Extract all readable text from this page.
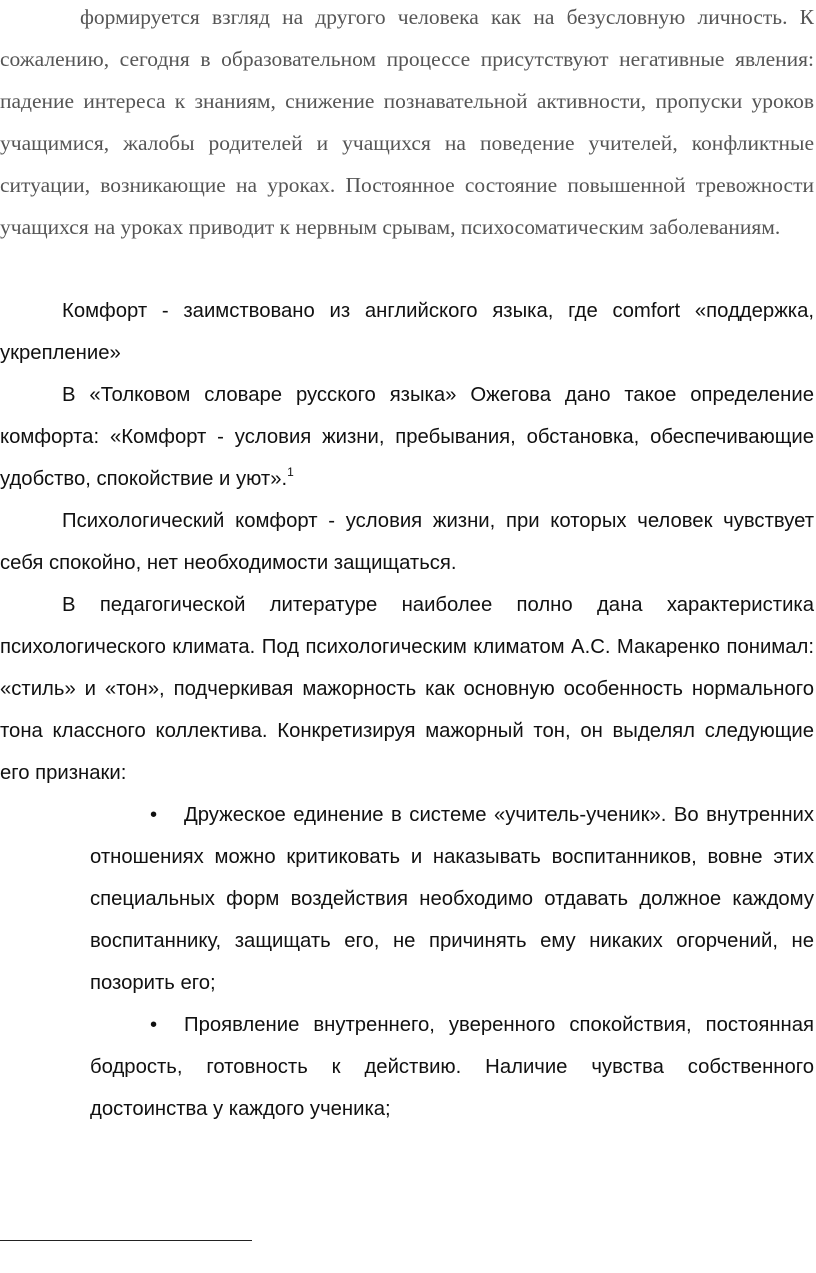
формируется взгляд на другого человека как на безусловную личность. К сожалению, сегодня в образовательном процессе присутствуют негативные явления: падение интереса к знаниям, снижение познавательной активности, пропуски уроков учащимися, жалобы родителей и учащихся на поведение учителей, конфликтные ситуации, возникающие на уроках. Постоянное состояние повышенной тревожности учащихся на уроках приводит к нервным срывам, психосоматическим заболеваниям.

Комфорт - заимствовано из английского языка, где comfort «поддержка, укрепление»

В «Толковом словаре русского языка» Ожегова дано такое определение комфорта: «Комфорт - условия жизни, пребывания, обстановка, обеспечивающие удобство, спокойствие и уют».$^1$

Психологический комфорт - условия жизни, при которых человек чувствует себя спокойно, нет необходимости защищаться.

В педагогической литературе наиболее полно дана характеристика психологического климата. Под психологическим климатом А.С. Макаренко понимал: «стиль» и «тон», подчеркивая мажорность как основную особенность нормального тона классного коллектива. Конкретизируя мажорный тон, он выделял следующие его признаки:

• Дружеское единение в системе «учитель-ученик». Во внутренних отношениях можно критиковать и наказывать воспитанников, вовне этих специальных форм воздействия необходимо отдавать должное каждому воспитаннику, защищать его, не причинять ему никаких огорчений, не позорить его;

• Проявление внутреннего, уверенного спокойствия, постоянная бодрость, готовность к действию. Наличие чувства собственного достоинства у каждого ученика;
